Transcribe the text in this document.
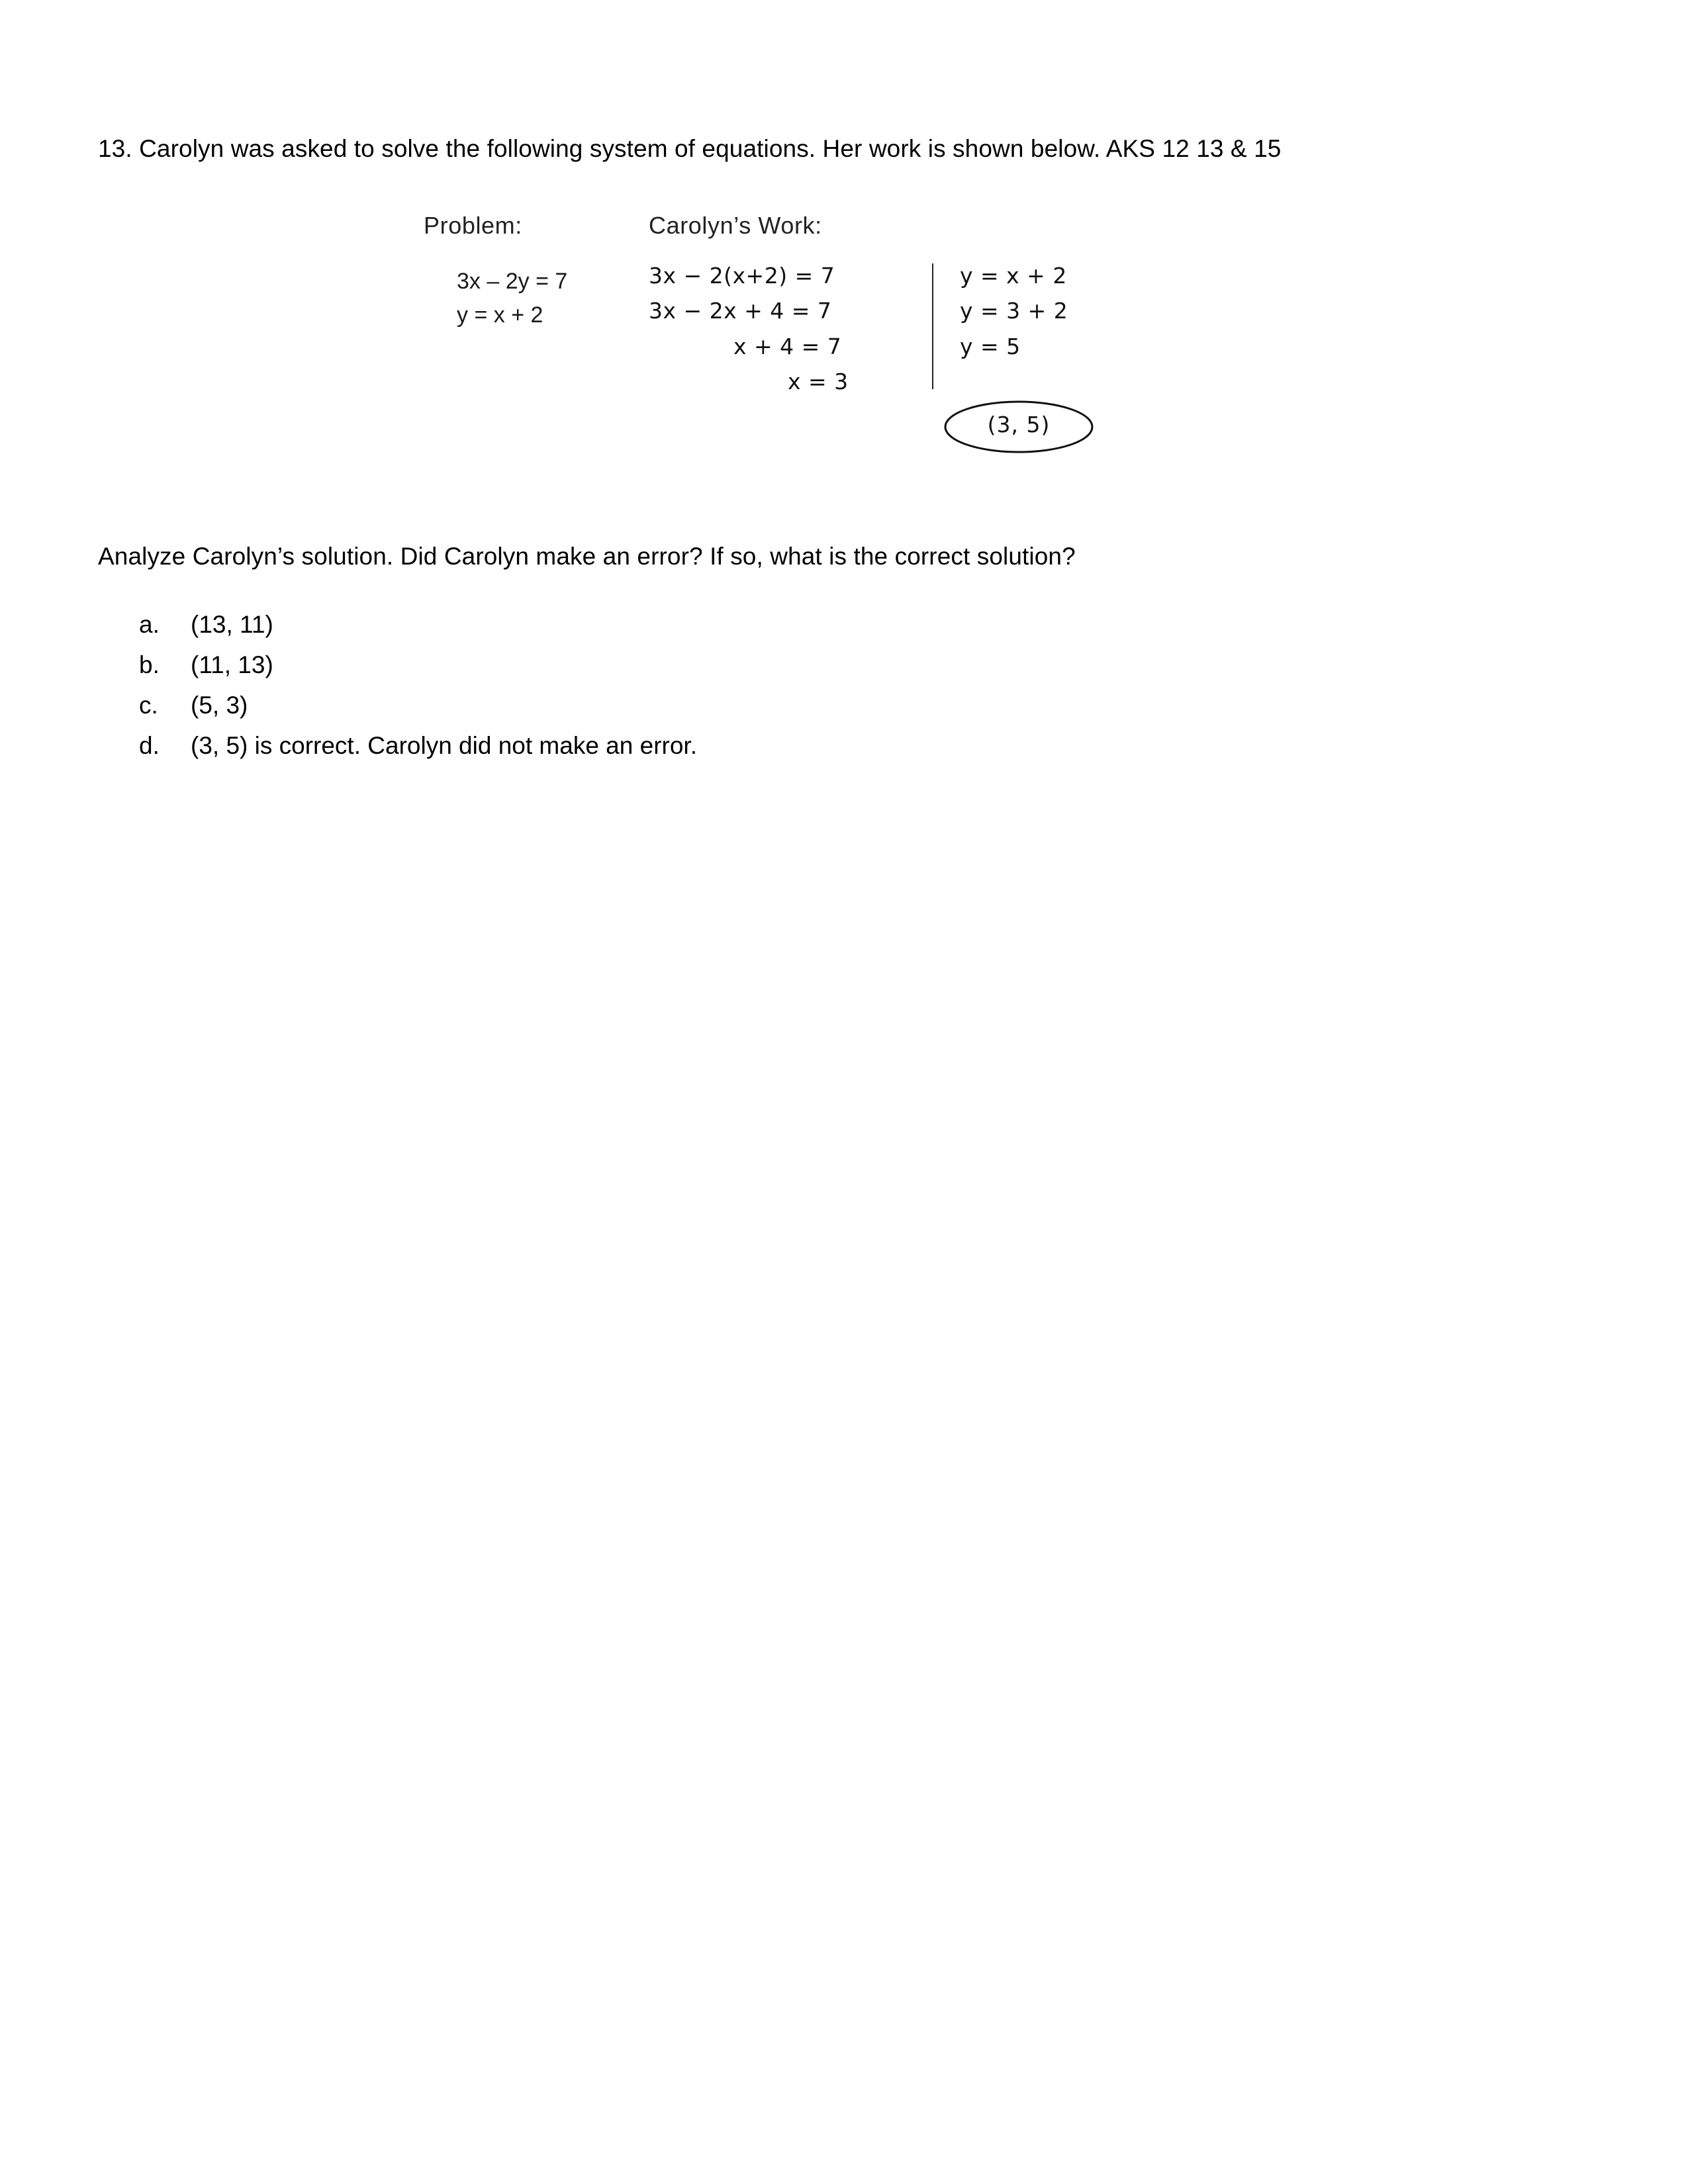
13. Carolyn was asked to solve the following system of equations. Her work is shown below. AKS 12 13 & 15
Problem:	Carolyn’s Work:
3x – 2y = 7
y = x + 2
3x − 2(x+2) = 7
3x − 2x + 4 = 7
x + 4 = 7
x = 3
y = x + 2
y = 3 + 2
y = 5
(3, 5)
Analyze Carolyn’s solution. Did Carolyn make an error? If so, what is the correct solution?
a.	(13, 11)
b.	(11, 13)
c.	(5, 3)
d.	(3, 5) is correct. Carolyn did not make an error.
